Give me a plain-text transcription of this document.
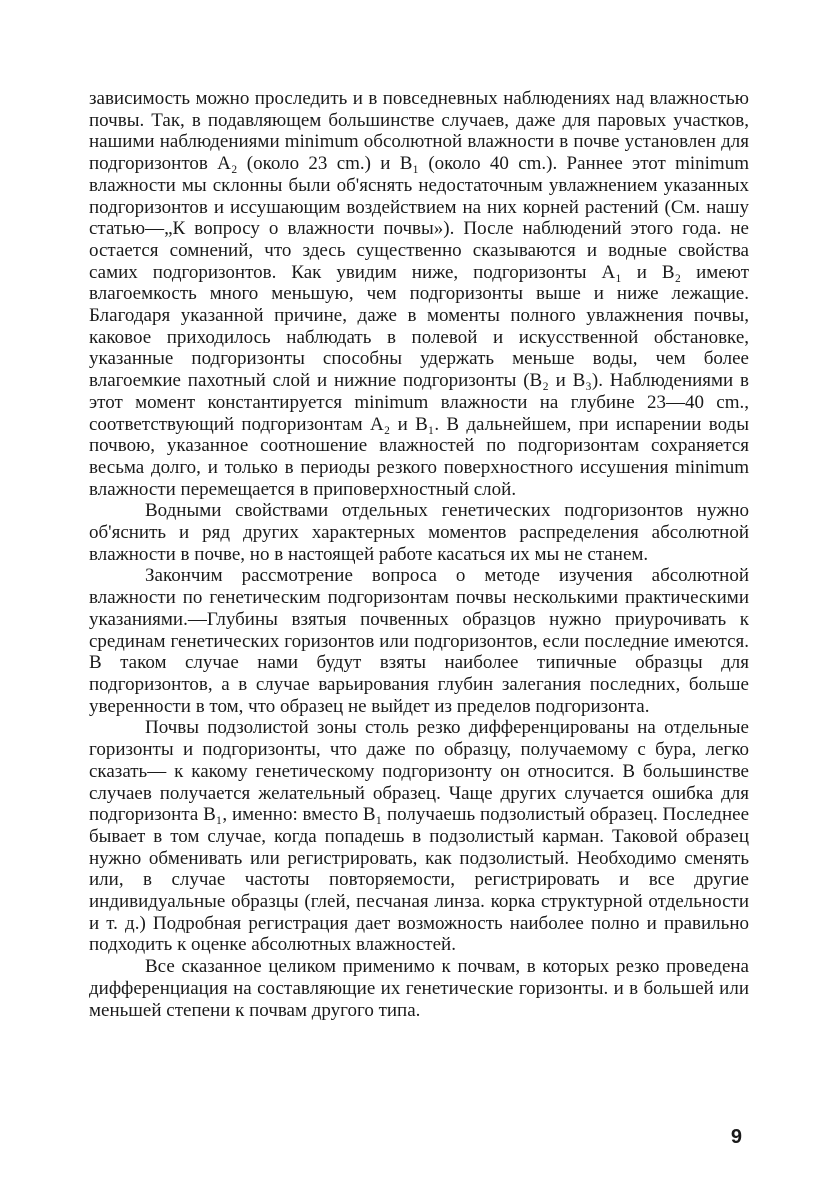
зависимость можно проследить и в повседневных наблюдениях над влажностью почвы. Так, в подавляющем большинстве случаев, даже для паровых участков, нашими наблюдениями minimum обсолютной влажности в почве установлен для подгоризонтов A₂ (около 23 cm.) и B₁ (около 40 cm.). Раннее этот minimum влажности мы склонны были об'яснять недостаточным увлажнением указанных подгоризонтов и иссушающим воздействием на них корней растений (См. нашу статью—„К вопросу о влажности почвы»). После наблюдений этого года. не остается сомнений, что здесь существенно сказываются и водные свойства самих подгоризонтов. Как увидим ниже, подгоризонты A₁ и B₂ имеют влагоемкость много меньшую, чем подгоризонты выше и ниже лежащие. Благодаря указанной причине, даже в моменты полного увлажнения почвы, каковое приходилось наблюдать в полевой и искусственной обстановке, указанные подгоризонты способны удержать меньше воды, чем более влагоемкие пахотный слой и нижние подгоризонты (B₂ и B₃). Наблюдениями в этот момент константируется minimum влажности на глубине 23—40 cm., соответствующий подгоризонтам A₂ и B₁. В дальнейшем, при испарении воды почвою, указанное соотношение влажностей по подгоризонтам сохраняется весьма долго, и только в периоды резкого поверхностного иссушения minimum влажности перемещается в приповерхностный слой.

Водными свойствами отдельных генетических подгоризонтов нужно об'яснить и ряд других характерных моментов распределения абсолютной влажности в почве, но в настоящей работе касаться их мы не станем.

Закончим рассмотрение вопроса о методе изучения абсолютной влажности по генетическим подгоризонтам почвы несколькими практическими указаниями.—Глубины взятыя почвенных образцов нужно приурочивать к срединам генетических горизонтов или подгоризонтов, если последние имеются. В таком случае нами будут взяты наиболее типичные образцы для подгоризонтов, а в случае варьирования глубин залегания последних, больше уверенности в том, что образец не выйдет из пределов подгоризонта.

Почвы подзолистой зоны столь резко дифференцированы на отдельные горизонты и подгоризонты, что даже по образцу, получаемому с бура, легко сказать— к какому генетическому подгоризонту он относится. В большинстве случаев получается желательный образец. Чаще других случается ошибка для подгоризонта B₁, именно: вместо B₁ получаешь подзолистый образец. Последнее бывает в том случае, когда попадешь в подзолистый карман. Таковой образец нужно обменивать или регистрировать, как подзолистый. Необходимо сменять или, в случае частоты повторяемости, регистрировать и все другие индивидуальные образцы (глей, песчаная линза. корка структурной отдельности и т. д.) Подробная регистрация дает возможность наиболее полно и правильно подходить к оценке абсолютных влажностей.

Все сказанное целиком применимо к почвам, в которых резко проведена дифференциация на составляющие их генетические горизонты. и в большей или меньшей степени к почвам другого типа.

9
